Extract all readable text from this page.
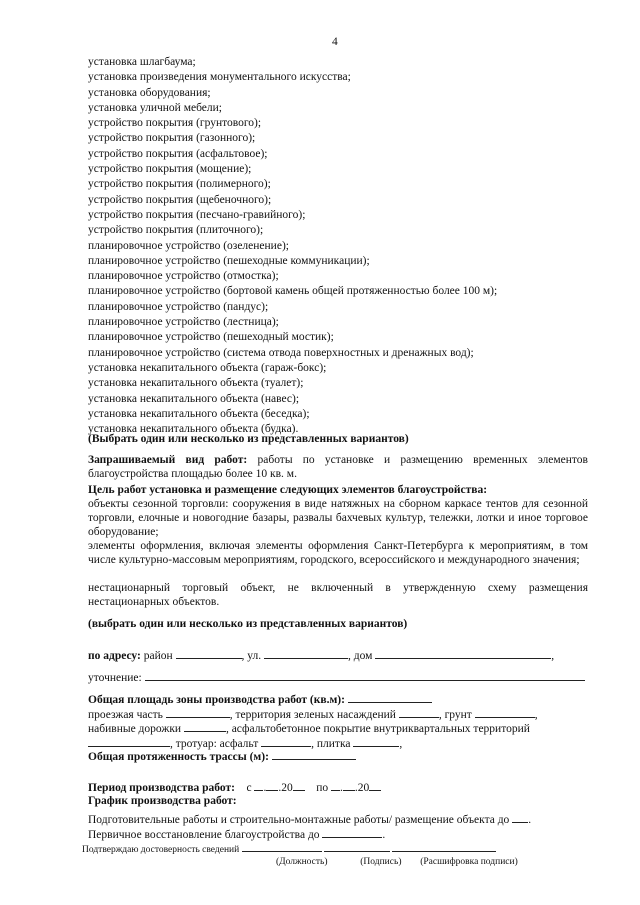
4
установка шлагбаума;
установка произведения монументального искусства;
установка оборудования;
установка уличной мебели;
устройство покрытия (грунтового);
устройство покрытия (газонного);
устройство покрытия (асфальтовое);
устройство покрытия (мощение);
устройство покрытия (полимерного);
устройство покрытия (щебеночного);
устройство покрытия (песчано-гравийного);
устройство покрытия (плиточного);
планировочное устройство (озеленение);
планировочное устройство (пешеходные коммуникации);
планировочное устройство (отмостка);
планировочное устройство (бортовой камень общей протяженностью более 100 м);
планировочное устройство (пандус);
планировочное устройство (лестница);
планировочное устройство (пешеходный мостик);
планировочное устройство (система отвода поверхностных и дренажных вод);
установка некапитального объекта (гараж-бокс);
установка некапитального объекта (туалет);
установка некапитального объекта (навес);
установка некапитального объекта (беседка);
установка некапитального объекта (будка).
(Выбрать один или несколько из представленных вариантов)
Запрашиваемый вид работ: работы по установке и размещению временных элементов благоустройства площадью более 10 кв. м.
Цель работ установка и размещение следующих элементов благоустройства:
объекты сезонной торговли: сооружения в виде натяжных на сборном каркасе тентов для сезонной торговли, елочные и новогодние базары, развалы бахчевых культур, тележки, лотки и иное торговое оборудование;
элементы оформления, включая элементы оформления Санкт-Петербурга к мероприятиям, в том числе культурно-массовым мероприятиям, городского, всероссийского и международного значения;
нестационарный торговый объект, не включенный в утвержденную схему размещения нестационарных объектов.
(выбрать один или несколько из представленных вариантов)
по адресу: район	, ул.	, дом	,
уточнение:
Общая площадь зоны производства работ (кв.м):
проезжая часть	, территория зеленых насаждений	, грунт	,
набивные дорожки	, асфальтобетонное покрытие внутриквартальных территорий
, тротуар: асфальт	, плитка	,
Общая протяженность трассы (м):
Период производства работ: с . .20 по . .20
График производства работ:
Подготовительные работы и строительно-монтажные работы/ размещение объекта до .
Первичное восстановление благоустройства до	.
Подтверждаю достоверность сведений
(Должность)	(Подпись) (Расшифровка подписи)
